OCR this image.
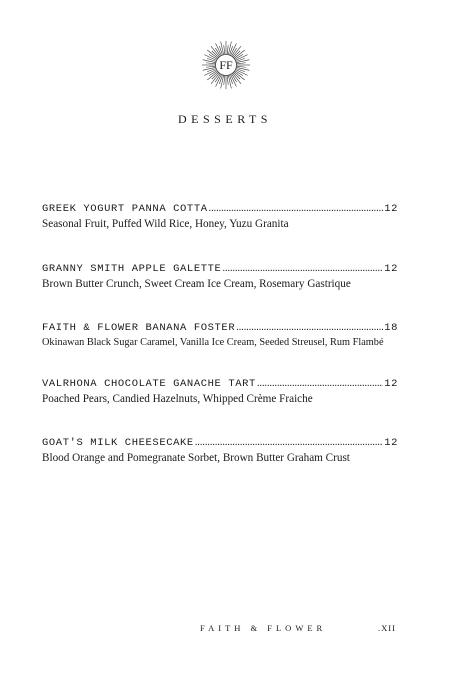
FF
DESSERTS
GREEK YOGURT PANNA COTTA .....	12
Seasonal Fruit, Puffed Wild Rice, Honey, Yuzu Granita
GRANNY SMITH APPLE GALETTE .....	12
Brown Butter Crunch, Sweet Cream Ice Cream, Rosemary Gastrique
FAITH & FLOWER BANANA FOSTER .....	18
Okinawan Black Sugar Caramel, Vanilla Ice Cream, Seeded Streusel, Rum Flambé
VALRHONA CHOCOLATE GANACHE TART .....	12
Poached Pears, Candied Hazelnuts, Whipped Crème Fraiche
GOAT'S MILK CHEESECAKE .....	12
Blood Orange and Pomegranate Sorbet, Brown Butter Graham Crust
FAITH & FLOWER	.XII
